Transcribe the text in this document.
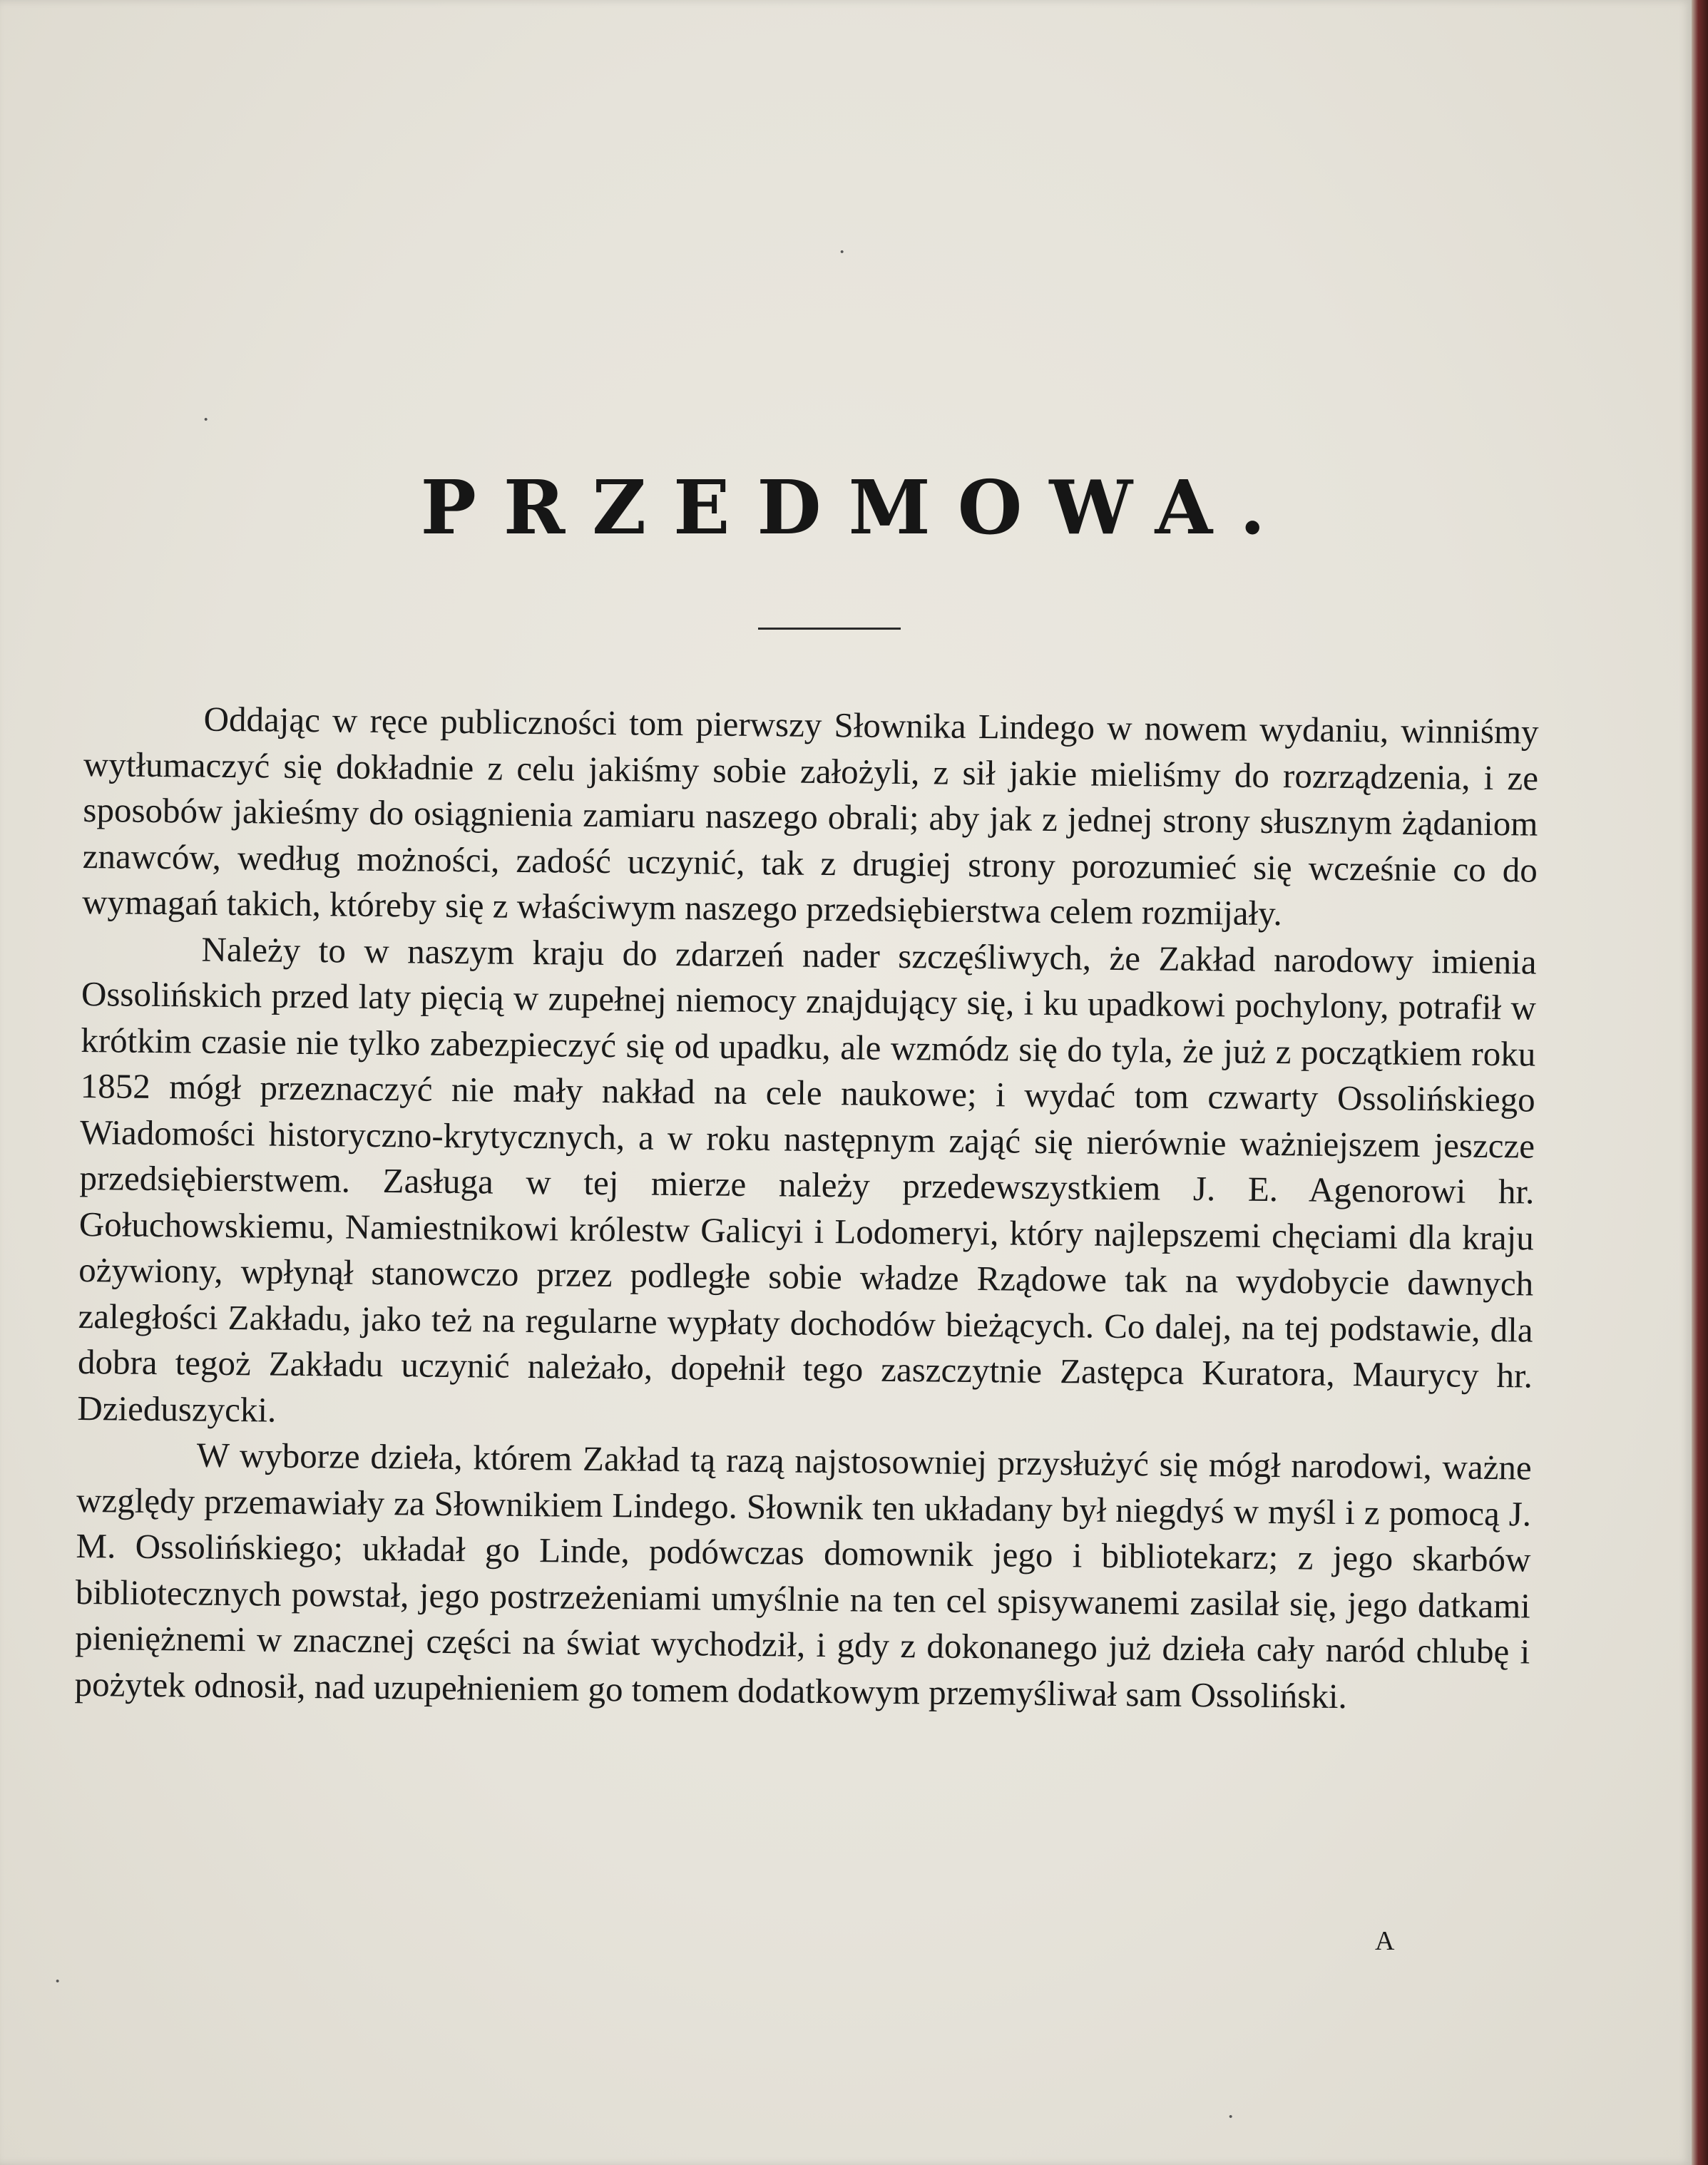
PRZEDMOWA.

Oddając w ręce publiczności tom pierwszy Słownika Lindego w nowem wydaniu, winniśmy wytłumaczyć się dokładnie z celu jakiśmy sobie założyli, z sił jakie mieliśmy do rozrządzenia, i ze sposobów jakieśmy do osiągnienia zamiaru naszego obrali; aby jak z jednej strony słusznym żądaniom znawców, według możności, zadość uczynić, tak z drugiej strony porozumieć się wcześnie co do wymagań takich, któreby się z właściwym naszego przedsiębierstwa celem rozmijały.

Należy to w naszym kraju do zdarzeń nader szczęśliwych, że Zakład narodowy imienia Ossolińskich przed laty pięcią w zupełnej niemocy znajdujący się, i ku upadkowi pochylony, potrafił w krótkim czasie nie tylko zabezpieczyć się od upadku, ale wzmódz się do tyla, że już z początkiem roku 1852 mógł przeznaczyć nie mały nakład na cele naukowe; i wydać tom czwarty Ossolińskiego Wiadomości historyczno-krytycznych, a w roku następnym zająć się nierównie ważniejszem jeszcze przedsiębierstwem. Zasługa w tej mierze należy przedewszystkiem J. E. Agenorowi hr. Gołuchowskiemu, Namiestnikowi królestw Galicyi i Lodomeryi, który najlepszemi chęciami dla kraju ożywiony, wpłynął stanowczo przez podległe sobie władze Rządowe tak na wydobycie dawnych zaległości Zakładu, jako też na regularne wypłaty dochodów bieżących. Co dalej, na tej podstawie, dla dobra tegoż Zakładu uczynić należało, dopełnił tego zaszczytnie Zastępca Kuratora, Maurycy hr. Dzieduszycki.

W wyborze dzieła, którem Zakład tą razą najstosowniej przysłużyć się mógł narodowi, ważne względy przemawiały za Słownikiem Lindego. Słownik ten układany był niegdyś w myśl i z pomocą J. M. Ossolińskiego; układał go Linde, podówczas domownik jego i bibliotekarz; z jego skarbów bibliotecznych powstał, jego postrzeżeniami umyślnie na ten cel spisywanemi zasilał się, jego datkami pieniężnemi w znacznej części na świat wychodził, i gdy z dokonanego już dzieła cały naród chlubę i pożytek odnosił, nad uzupełnieniem go tomem dodatkowym przemyśliwał sam Ossoliński.

A
·
·
·
·
